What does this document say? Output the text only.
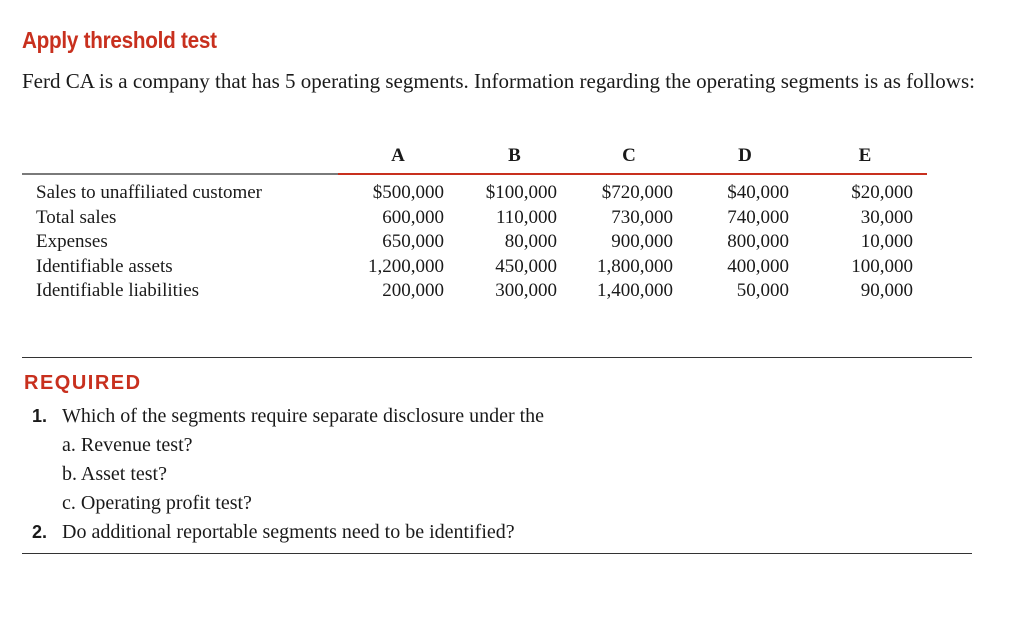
Apply threshold test

Ferd CA is a company that has 5 operating segments. Information regarding the operating segments is as follows:

	A	B	C	D	E
Sales to unaffiliated customer	$500,000	$100,000	$720,000	$40,000	$20,000
Total sales	600,000	110,000	730,000	740,000	30,000
Expenses	650,000	80,000	900,000	800,000	10,000
Identifiable assets	1,200,000	450,000	1,800,000	400,000	100,000
Identifiable liabilities	200,000	300,000	1,400,000	50,000	90,000
REQUIRED

1. Which of the segments require separate disclosure under the

a. Revenue test?

b. Asset test?

c. Operating profit test?

2. Do additional reportable segments need to be identified?
